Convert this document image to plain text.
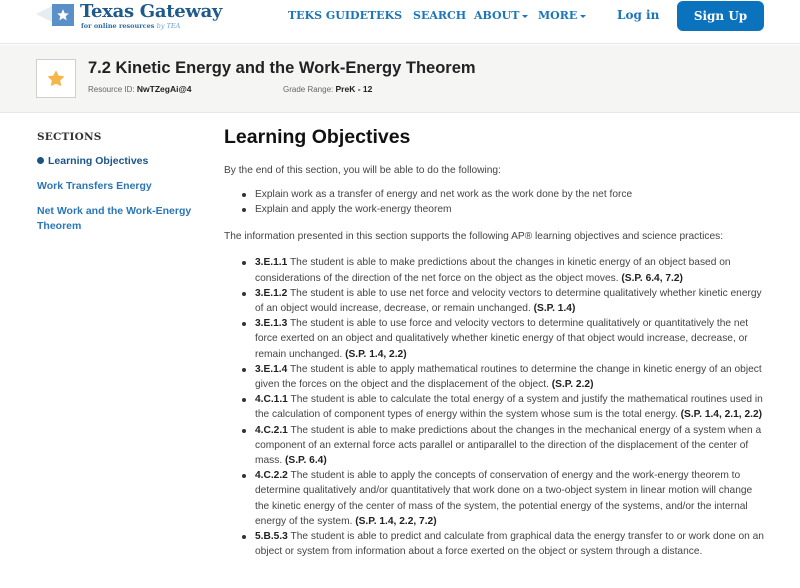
Texas Gateway
for online resources by TEA
TEKS GUIDE TEKS SEARCH ABOUT	MORE	Log in	Sign Up
7.2 Kinetic Energy and the Work-Energy Theorem
Resource ID: NwTZegAi@4	Grade Range: PreK - 12
SECTIONS
Learning Objectives
Work Transfers Energy
Net Work and the Work-Energy Theorem
Learning Objectives
By the end of this section, you will be able to do the following:
Explain work as a transfer of energy and net work as the work done by the net force
Explain and apply the work-energy theorem
The information presented in this section supports the following AP® learning objectives and science practices:
3.E.1.1 The student is able to make predictions about the changes in kinetic energy of an object based on considerations of the direction of the net force on the object as the object moves. (S.P. 6.4, 7.2)
3.E.1.2 The student is able to use net force and velocity vectors to determine qualitatively whether kinetic energy of an object would increase, decrease, or remain unchanged. (S.P. 1.4)
3.E.1.3 The student is able to use force and velocity vectors to determine qualitatively or quantitatively the net force exerted on an object and qualitatively whether kinetic energy of that object would increase, decrease, or remain unchanged. (S.P. 1.4, 2.2)
3.E.1.4 The student is able to apply mathematical routines to determine the change in kinetic energy of an object given the forces on the object and the displacement of the object. (S.P. 2.2)
4.C.1.1 The student is able to calculate the total energy of a system and justify the mathematical routines used in the calculation of component types of energy within the system whose sum is the total energy. (S.P. 1.4, 2.1, 2.2)
4.C.2.1 The student is able to make predictions about the changes in the mechanical energy of a system when a component of an external force acts parallel or antiparallel to the direction of the displacement of the center of mass. (S.P. 6.4)
4.C.2.2 The student is able to apply the concepts of conservation of energy and the work-energy theorem to determine qualitatively and/or quantitatively that work done on a two-object system in linear motion will change the kinetic energy of the center of mass of the system, the potential energy of the systems, and/or the internal energy of the system. (S.P. 1.4, 2.2, 7.2)
5.B.5.3 The student is able to predict and calculate from graphical data the energy transfer to or work done on an object or system from information about a force exerted on the object or system through a distance.
